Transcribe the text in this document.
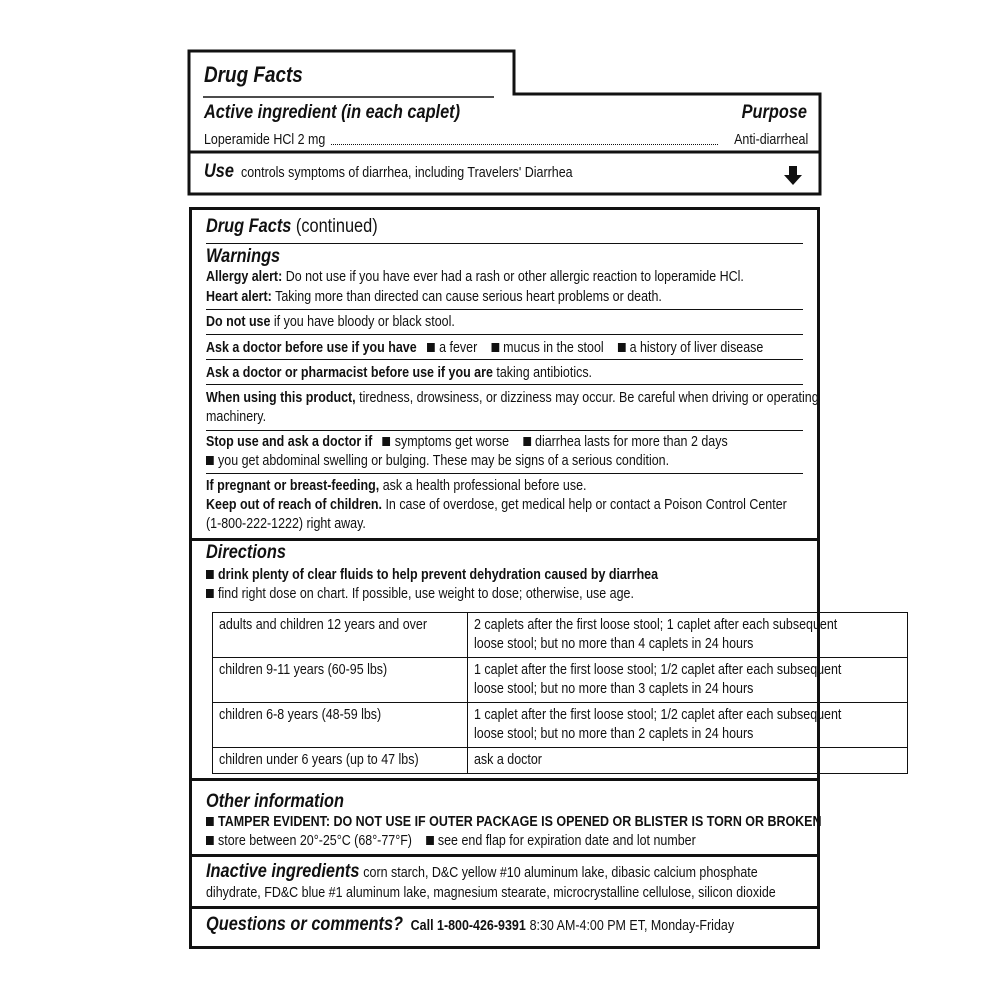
Drug Facts
Active ingredient (in each caplet)	Purpose
Loperamide HCl 2 mg	Anti-diarrheal
Use controls symptoms of diarrhea, including Travelers' Diarrhea
Drug Facts (continued)
Warnings
Allergy alert: Do not use if you have ever had a rash or other allergic reaction to loperamide HCl.
Heart alert: Taking more than directed can cause serious heart problems or death.
Do not use if you have bloody or black stool.
Ask a doctor before use if you have a fever mucus in the stool a history of liver disease
Ask a doctor or pharmacist before use if you are taking antibiotics.
When using this product, tiredness, drowsiness, or dizziness may occur. Be careful when driving or operating
machinery.
Stop use and ask a doctor if symptoms get worse diarrhea lasts for more than 2 days
you get abdominal swelling or bulging. These may be signs of a serious condition.
If pregnant or breast-feeding, ask a health professional before use.
Keep out of reach of children. In case of overdose, get medical help or contact a Poison Control Center
(1-800-222-1222) right away.
Directions
drink plenty of clear fluids to help prevent dehydration caused by diarrhea
find right dose on chart. If possible, use weight to dose; otherwise, use age.
adults and children 12 years and over	2 caplets after the first loose stool; 1 caplet after each subsequent
loose stool; but no more than 4 caplets in 24 hours
children 9-11 years (60-95 lbs)	1 caplet after the first loose stool; 1/2 caplet after each subsequent
loose stool; but no more than 3 caplets in 24 hours
children 6-8 years (48-59 lbs)	1 caplet after the first loose stool; 1/2 caplet after each subsequent
loose stool; but no more than 2 caplets in 24 hours
children under 6 years (up to 47 lbs)	ask a doctor
Other information
TAMPER EVIDENT: DO NOT USE IF OUTER PACKAGE IS OPENED OR BLISTER IS TORN OR BROKEN
store between 20°-25°C (68°-77°F) see end flap for expiration date and lot number
Inactive ingredients corn starch, D&C yellow #10 aluminum lake, dibasic calcium phosphate
dihydrate, FD&C blue #1 aluminum lake, magnesium stearate, microcrystalline cellulose, silicon dioxide
Questions or comments? Call 1-800-426-9391 8:30 AM-4:00 PM ET, Monday-Friday
